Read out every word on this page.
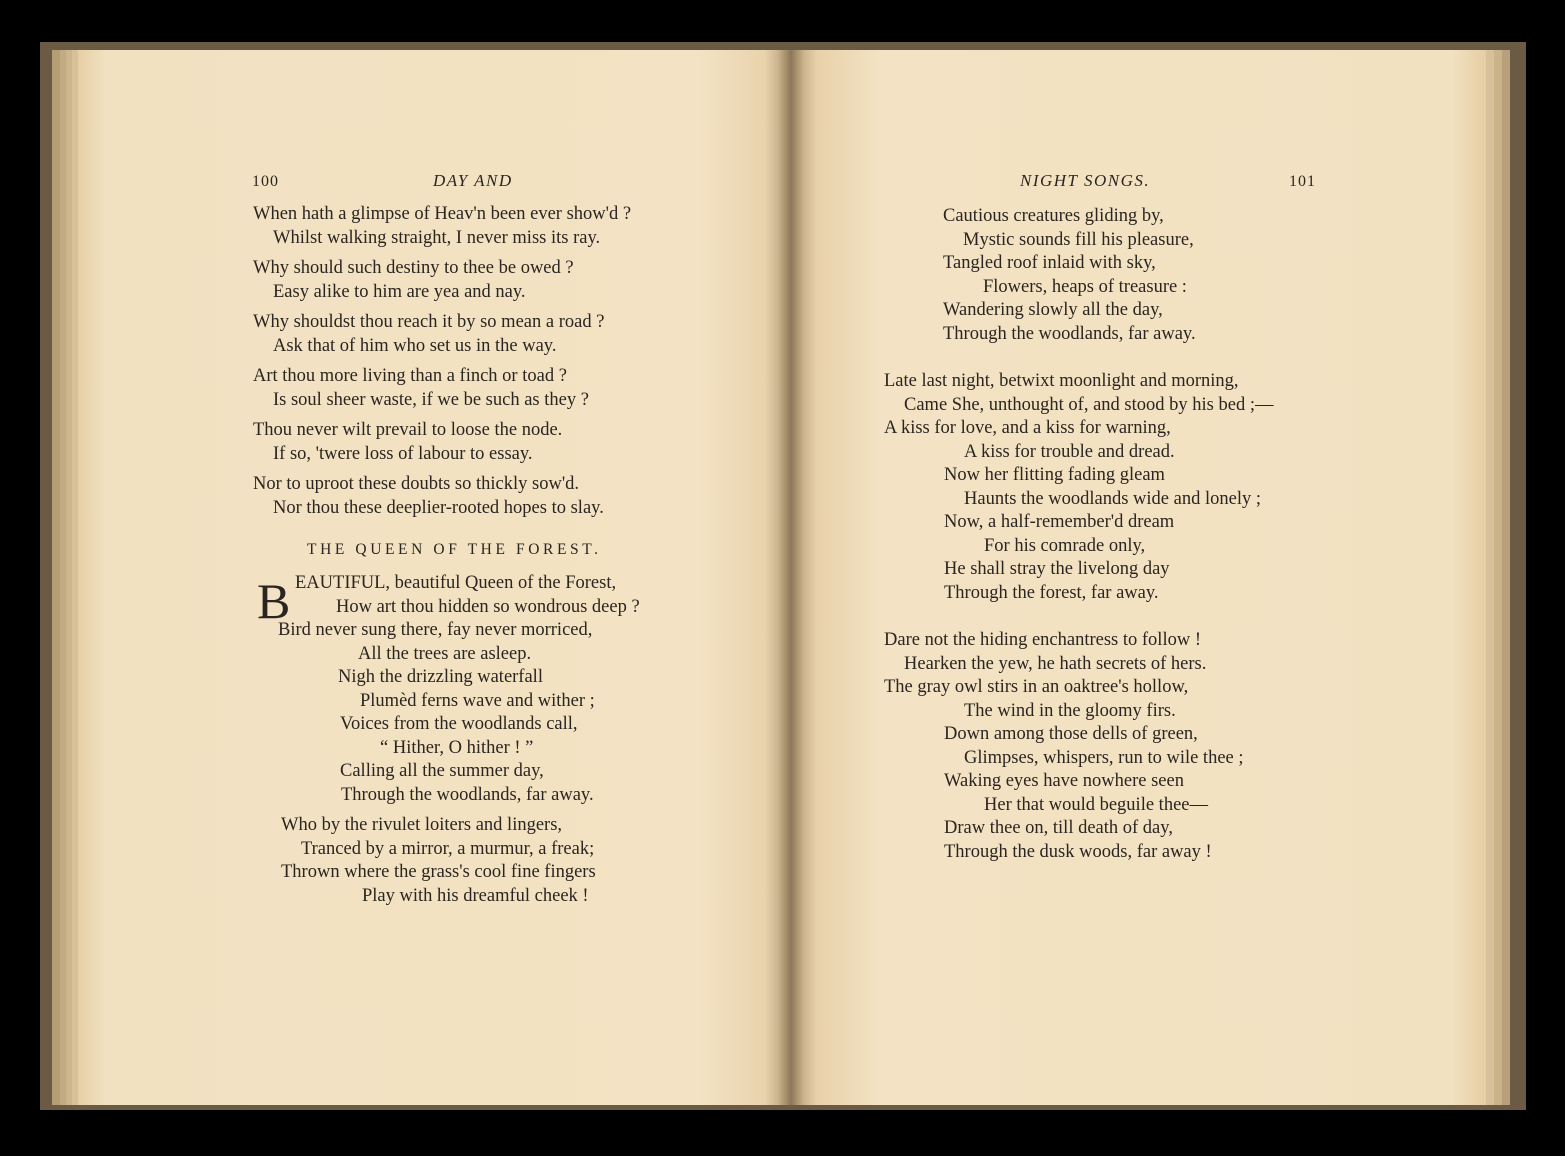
100	DAY AND
When hath a glimpse of Heav'n been ever show'd ?
Whilst walking straight, I never miss its ray.
Why should such destiny to thee be owed ?
Easy alike to him are yea and nay.
Why shouldst thou reach it by so mean a road ?
Ask that of him who set us in the way.
Art thou more living than a finch or toad ?
Is soul sheer waste, if we be such as they ?
Thou never wilt prevail to loose the node.
If so, 'twere loss of labour to essay.
Nor to uproot these doubts so thickly sow'd.
Nor thou these deeplier-rooted hopes to slay.
THE QUEEN OF THE FOREST.
B EAUTIFUL, beautiful Queen of the Forest,
How art thou hidden so wondrous deep ?
Bird never sung there, fay never morriced,
All the trees are asleep.
Nigh the drizzling waterfall
Plumèd ferns wave and wither ;
Voices from the woodlands call,
“ Hither, O hither ! ”
Calling all the summer day,
Through the woodlands, far away.
Who by the rivulet loiters and lingers,
Tranced by a mirror, a murmur, a freak;
Thrown where the grass's cool fine fingers
Play with his dreamful cheek !
NIGHT SONGS.	101
Cautious creatures gliding by,
Mystic sounds fill his pleasure,
Tangled roof inlaid with sky,
Flowers, heaps of treasure :
Wandering slowly all the day,
Through the woodlands, far away.
Late last night, betwixt moonlight and morning,
Came She, unthought of, and stood by his bed ;—
A kiss for love, and a kiss for warning,
A kiss for trouble and dread.
Now her flitting fading gleam
Haunts the woodlands wide and lonely ;
Now, a half-remember'd dream
For his comrade only,
He shall stray the livelong day
Through the forest, far away.
Dare not the hiding enchantress to follow !
Hearken the yew, he hath secrets of hers.
The gray owl stirs in an oaktree's hollow,
The wind in the gloomy firs.
Down among those dells of green,
Glimpses, whispers, run to wile thee ;
Waking eyes have nowhere seen
Her that would beguile thee—
Draw thee on, till death of day,
Through the dusk woods, far away !
